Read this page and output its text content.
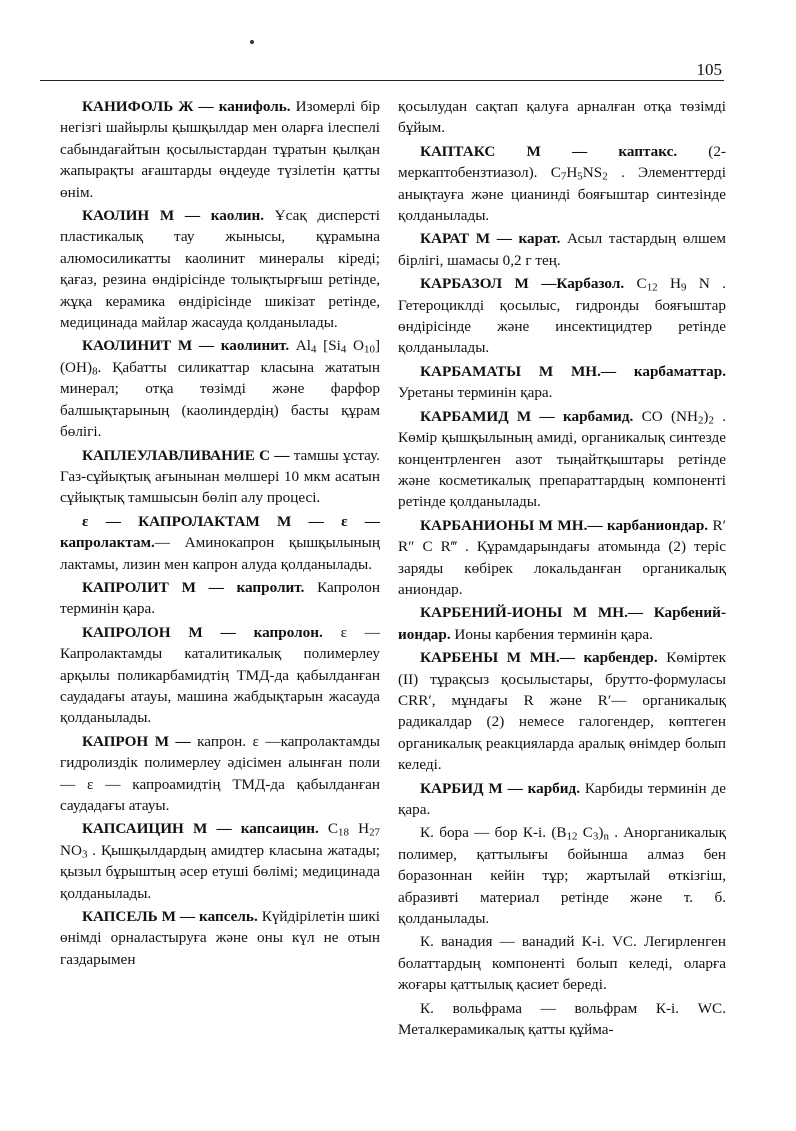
105

КАНИФОЛЬ Ж — канифоль. Изомерлі бір негізгі шайырлы қышқылдар мен оларға ілеспелі сабындағайтын қосылыстардан тұратын қылқан жапырақты ағаштарды өңдеуде түзілетін қатты өнім.

КАОЛИН М — каолин. Ұсақ дисперсті пластикалық тау жынысы, құрамына алюмосиликатты каолинит минералы кіреді; қағаз, резина өндірісінде толықтырғыш ретінде, жұқа керамика өндірісінде шикізат ретінде, медицинада майлар жасауда қолданылады.

КАОЛИНИТ М — каолинит. $Al_4$ [$Si_4$ $O_{10}$] $(OH)_8$. Қабатты силикаттар класына жататын минерал; отқа төзімді және фарфор балшықтарының (каолиндердің) басты құрам бөлігі.

КАПЛЕУЛАВЛИВАНИЕ С — тамшы ұстау. Газ-сұйықтық ағынынан мөлшері 10 мкм асатын сұйықтық тамшысын бөліп алу процесі.

ε — КАПРОЛАКТАМ М — ε — капролактам.— Аминокапрон қышқылының лактамы, лизин мен капрон алуда қолданылады.

КАПРОЛИТ М — капролит. Капролон терминін қара.

КАПРОЛОН М — капролон. ε — Капролактамды каталитикалық полимерлеу арқылы поликарбамидтің ТМД-да қабылданған саудадағы атауы, машина жабдықтарын жасауда қолданылады.

КАПРОН М — капрон. ε —капролактамды гидролиздік полимерлеу әдісімен алынған поли — ε — капроамидтің ТМД-да қабылданған саудадағы атауы.

КАПСАИЦИН М — капсаицин. $C_{18}$ $H_{27}$ $NO_3$ . Қышқылдардың амидтер класына жатады; қызыл бұрыштың әсер етуші бөлімі; медицинада қолданылады.

КАПСЕЛЬ М — капсель. Күйдірілетін шикі өнімді орналастыруға және оны күл не отын газдарымен

қосылудан сақтап қалуға арналған отқа төзімді бұйым.

КАПТАКС М — каптакс. (2-меркаптобензтиазол). $C_7H_5NS_2$ . Элементтерді анықтауға және цианинді бояғыштар синтезінде қолданылады.

КАРАТ М — карат. Асыл тастардың өлшем бірлігі, шамасы 0,2 г тең.

КАРБАЗОЛ М —Карбазол. $C_{12}$ $H_9$ N . Гетероциклді қосылыс, гидронды бояғыштар өндірісінде және инсектицидтер ретінде қолданылады.

КАРБАМАТЫ М МН.— карбаматтар. Уретаны терминін қара.

КАРБАМИД М — карбамид. CO $(NH_2)_2$ . Көмір қышқылының амиді, органикалық синтезде концентрленген азот тыңайтқыштары ретінде және косметикалық препараттардың компоненті ретінде қолданылады.

КАРБАНИОНЫ М МН.— карбаниондар. R′ R″ C R‴ . Құрамдарындағы атомында (2) теріс заряды көбірек локальданған органикалық аниондар.

КАРБЕНИЙ-ИОНЫ М МН.— Карбений-иондар. Ионы карбения терминін қара.

КАРБЕНЫ М МН.— карбендер. Көміртек (II) тұрақсыз қосылыстары, брутто-формуласы CRR′, мұндағы R және R′— органикалық радикалдар (2) немесе галогендер, көптеген органикалық реакцияларда аралық өнімдер болып келеді.

КАРБИД М — карбид. Карбиды терминін де қара.

К. бора — бор К-і. ($B_{12}$ $C_3)_n$ . Анорганикалық полимер, қаттылығы бойынша алмаз бен боразоннан кейін тұр; жартылай өткізгіш, абразивті материал ретінде және т. б. қолданылады.

К. ванадия — ванадий К-і. VC. Легирленген болаттардың компоненті болып келеді, оларға жоғары қаттылық қасиет береді.

К. вольфрама — вольфрам К-і. WC. Металкерамикалық қатты құйма-
